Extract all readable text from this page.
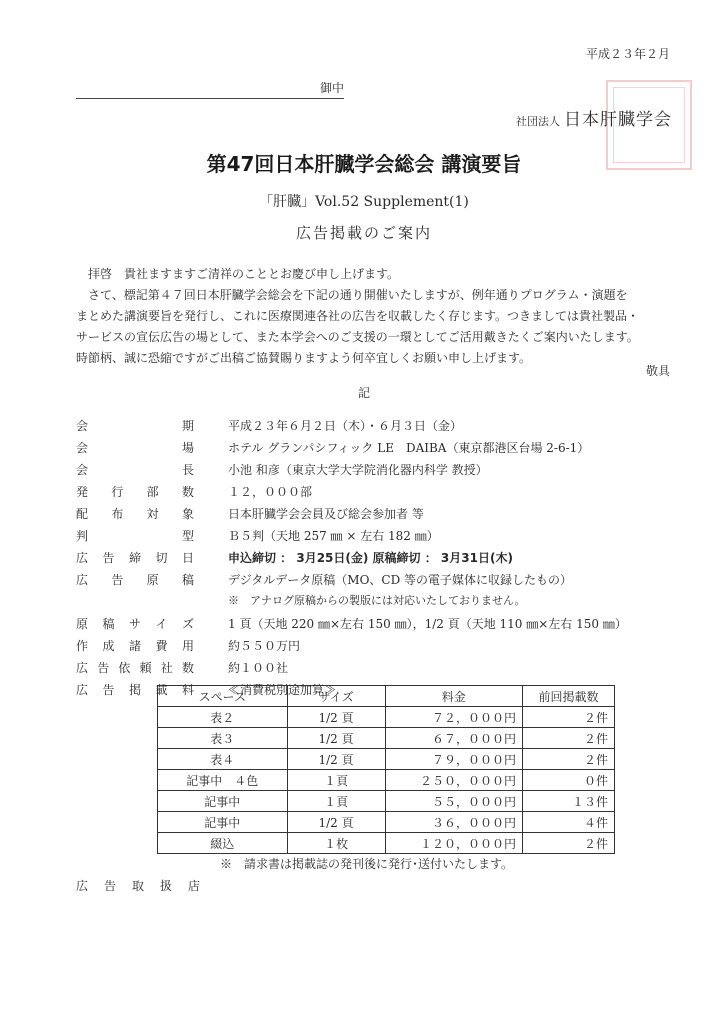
平成２３年２月
御中
社団法人 日本肝臓学会
第47回日本肝臓学会総会 講演要旨
「肝臓」Vol.52 Supplement(1)
広告掲載のご案内
拝啓　貴社ますますご清祥のこととお慶び申し上げます。
さて、標記第４７回日本肝臓学会総会を下記の通り開催いたしますが、例年通りプログラム・演題を
まとめた講演要旨を発行し、これに医療関連各社の広告を収載したく存じます。つきましては貴社製品・
サービスの宣伝広告の場として、また本学会へのご支援の一環としてご活用戴きたくご案内いたします。
時節柄、誠に恐縮ですがご出稿ご協賛賜りますよう何卒宜しくお願い申し上げます。
敬具
記
会	期	平成２３年６月２日（木）・６月３日（金）
会	場	ホテル グランパシフィック LE　DAIBA（東京都港区台場 2-6-1）
会	長	小池 和彦（東京大学大学院消化器内科学 教授）
発 行 部 数	１２，０００部
配 布 対 象	日本肝臓学会会員及び総会参加者 等
判	型	Ｂ５判（天地 257 ㎜ × 左右 182 ㎜）
広 告 締 切 日	申込締切 ： 3月25日(金) 原稿締切 ： 3月31日(木)
広 告 原 稿	デジタルデータ原稿（MO、CD 等の電子媒体に収録したもの）
※　アナログ原稿からの製版には対応いたしておりません。
原 稿 サ イ ズ	1 頁（天地 220 ㎜×左右 150 ㎜），1/2 頁（天地 110 ㎜×左右 150 ㎜）
作 成 諸 費 用	約５５０万円
広 告 依 頼 社 数	約１００社
広 告 掲 載 料	≪消費税別途加算≫
スペース	サイズ	料金	前回掲載数
表２	1/2 頁	７２，０００円	２件
表３	1/2 頁	６７，０００円	２件
表４	1/2 頁	７９，０００円	２件
記事中　４色	１頁	２５０，０００円	０件
記事中	１頁	５５，０００円	１３件
記事中	1/2 頁	３６，０００円	４件
綴込	１枚	１２０，０００円	２件
※　請求書は掲載誌の発刊後に発行･送付いたします。
広 告 取 扱 店
